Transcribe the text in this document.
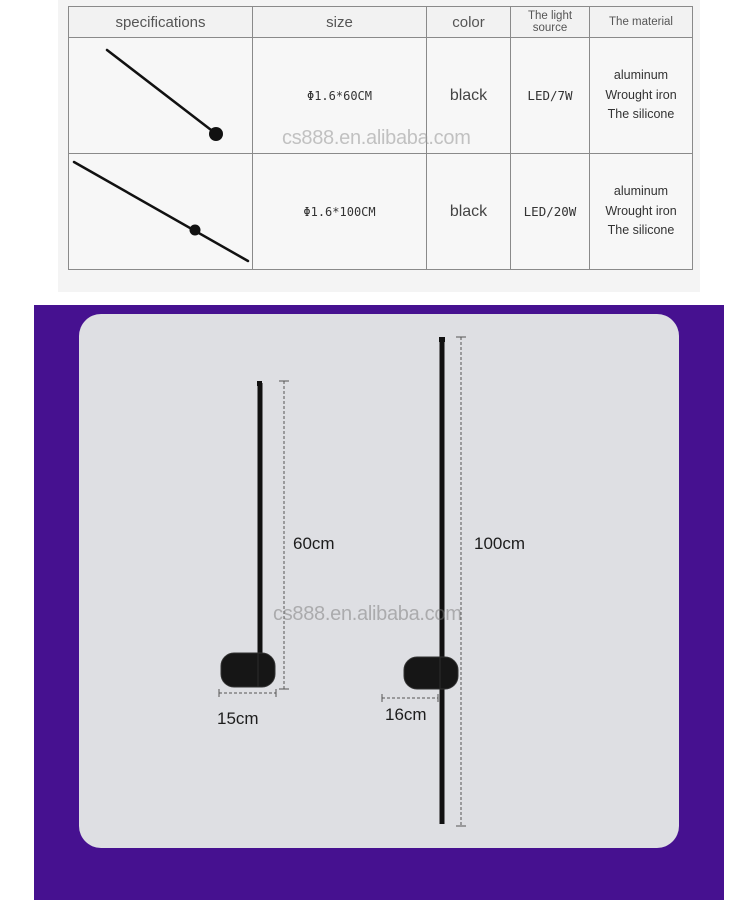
specifications	size	color	The light source	The material

	Φ1.6*60CM	black	LED/7W	aluminum
Wrought iron
The silicone

	Φ1.6*100CM	black	LED/20W	aluminum
Wrought iron
The silicone
cs888.en.alibaba.com
60cm
15cm
100cm
16cm
cs888.en.alibaba.com
